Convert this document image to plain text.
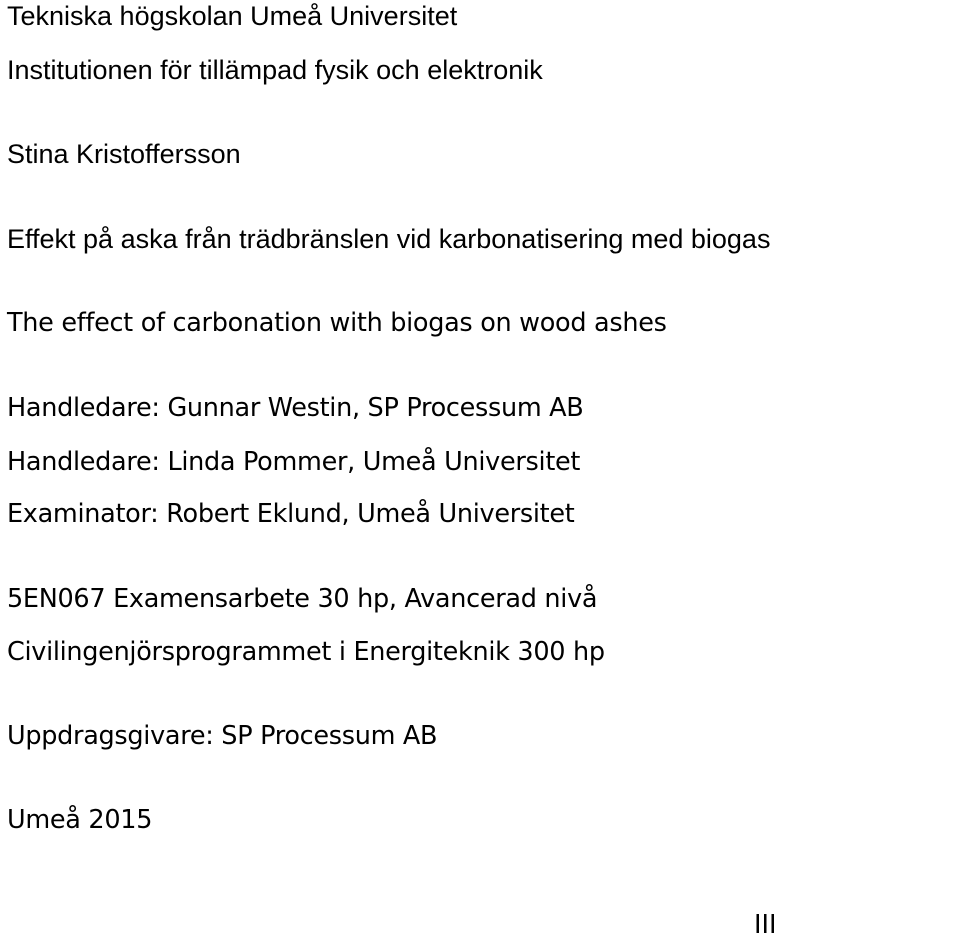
Tekniska högskolan Umeå Universitet
Institutionen för tillämpad fysik och elektronik
Stina Kristoffersson
Effekt på aska från trädbränslen vid karbonatisering med biogas
The effect of carbonation with biogas on wood ashes
Handledare: Gunnar Westin, SP Processum AB
Handledare: Linda Pommer, Umeå Universitet
Examinator: Robert Eklund, Umeå Universitet
5EN067 Examensarbete 30 hp, Avancerad nivå
Civilingenjörsprogrammet i Energiteknik 300 hp
Uppdragsgivare: SP Processum AB
Umeå 2015
III
